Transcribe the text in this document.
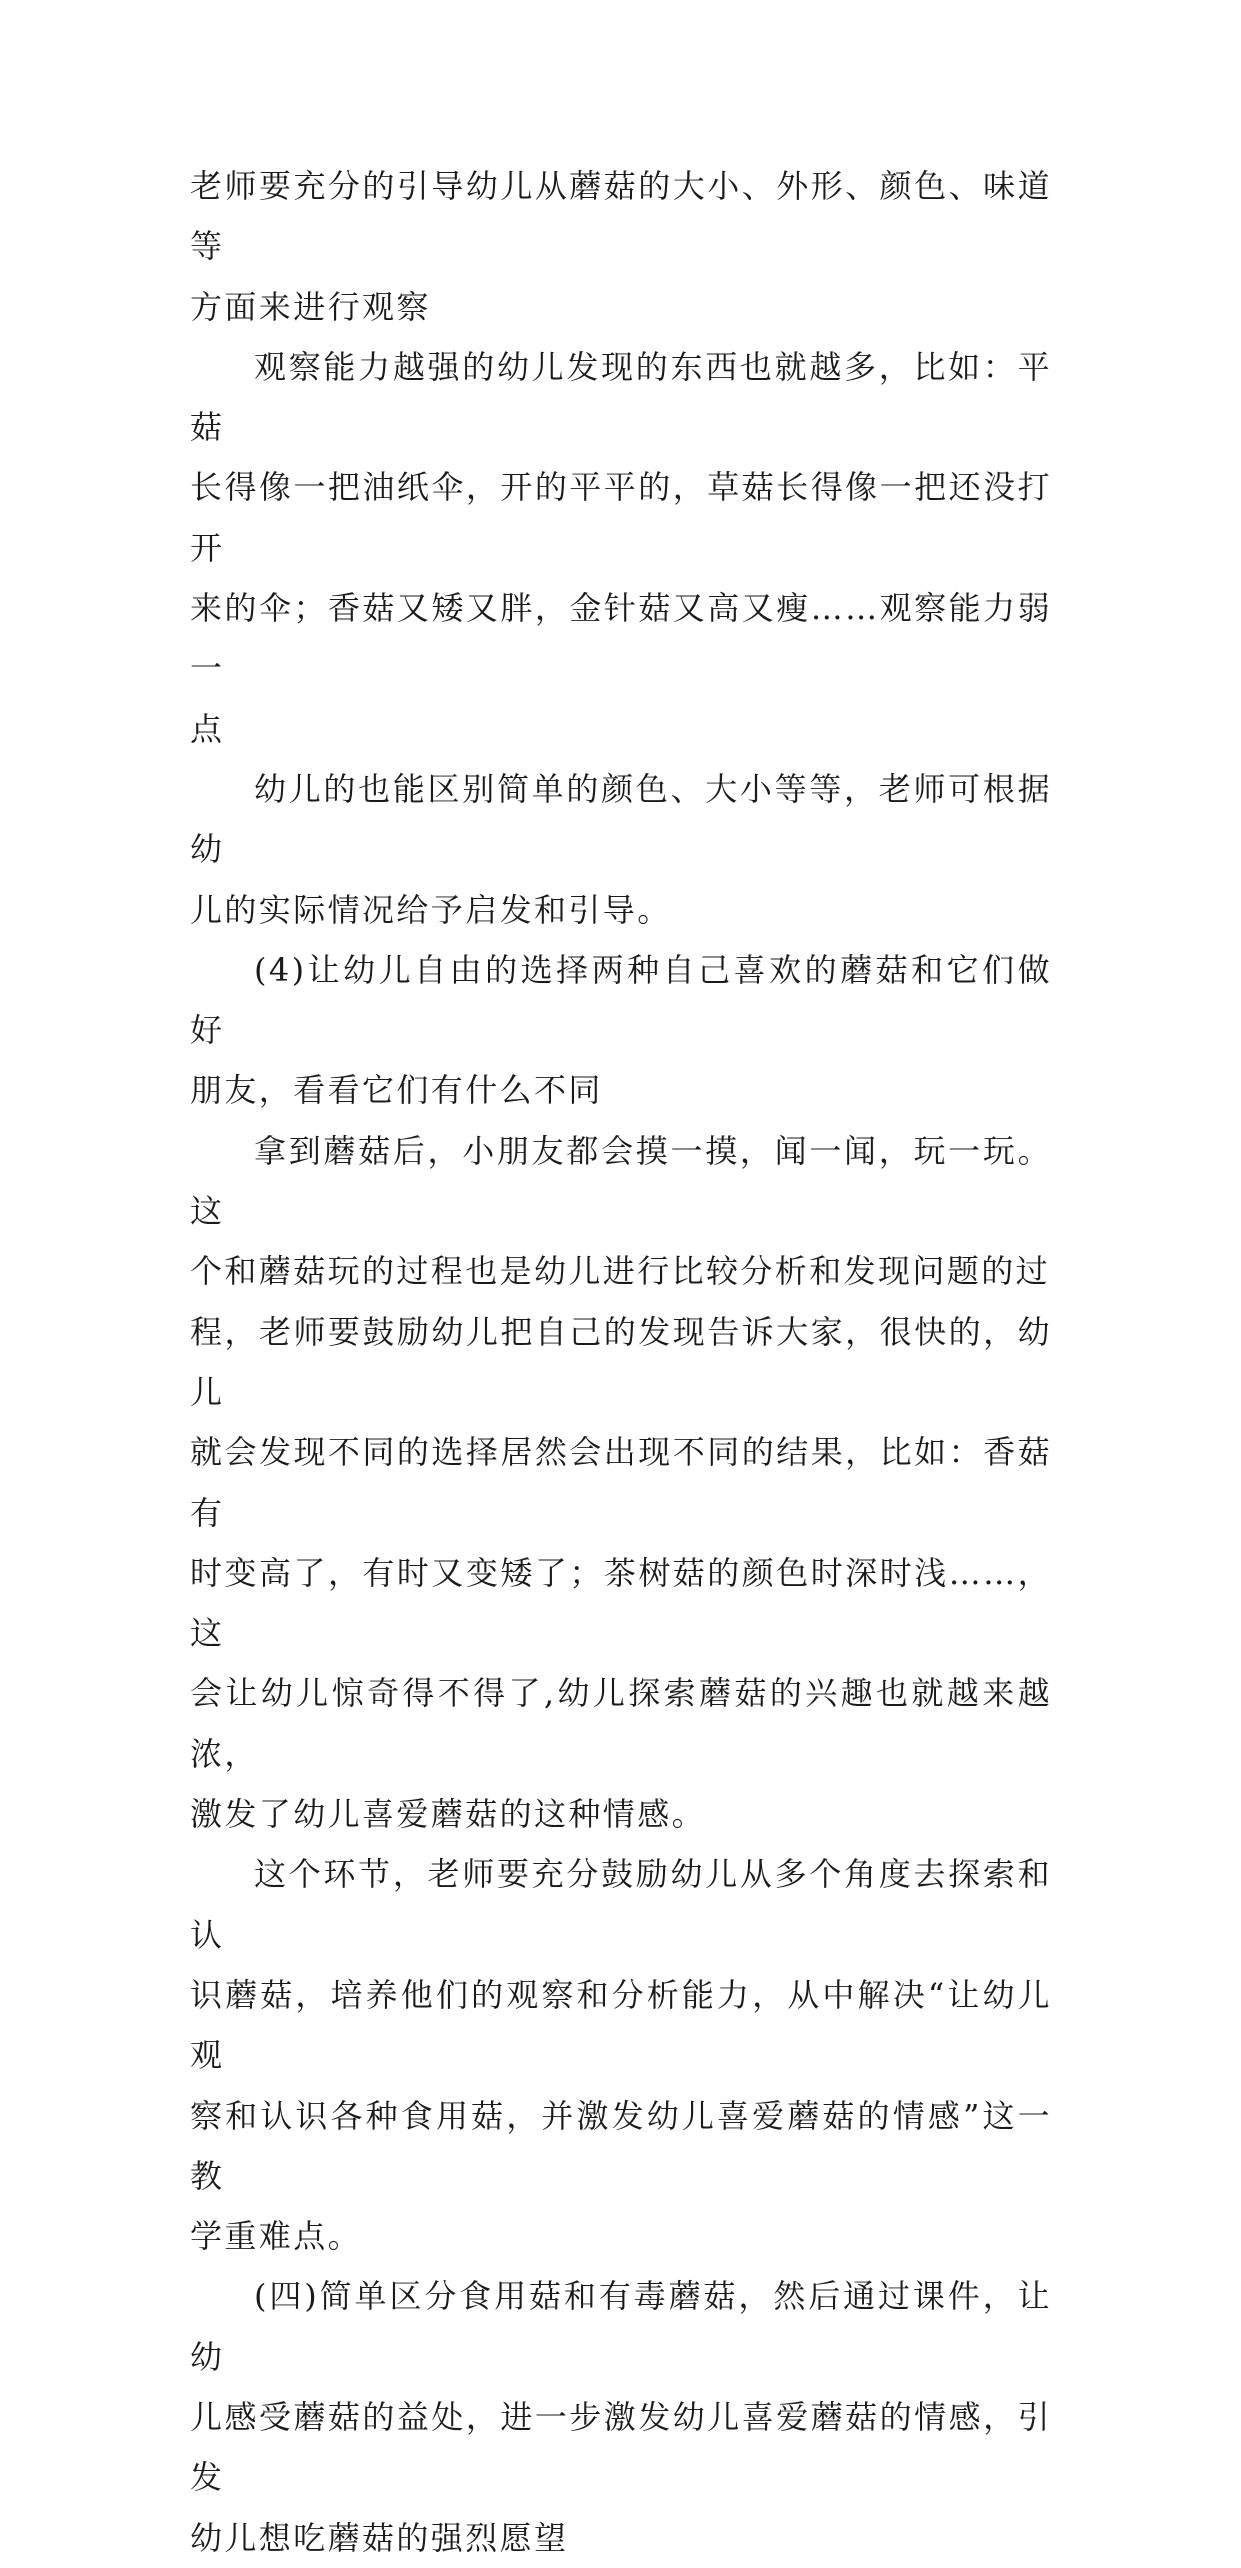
老师要充分的引导幼儿从蘑菇的大小、外形、颜色、味道等
方面来进行观察

观察能力越强的幼儿发现的东西也就越多，比如：平菇
长得像一把油纸伞，开的平平的，草菇长得像一把还没打开
来的伞；香菇又矮又胖，金针菇又高又瘦……观察能力弱一
点

幼儿的也能区别简单的颜色、大小等等，老师可根据幼
儿的实际情况给予启发和引导。

(4)让幼儿自由的选择两种自己喜欢的蘑菇和它们做好
朋友，看看它们有什么不同

拿到蘑菇后，小朋友都会摸一摸，闻一闻，玩一玩。这
个和蘑菇玩的过程也是幼儿进行比较分析和发现问题的过
程，老师要鼓励幼儿把自己的发现告诉大家，很快的，幼儿
就会发现不同的选择居然会出现不同的结果，比如：香菇有
时变高了，有时又变矮了；茶树菇的颜色时深时浅……，这
会让幼儿惊奇得不得了,幼儿探索蘑菇的兴趣也就越来越浓，
激发了幼儿喜爱蘑菇的这种情感。

这个环节，老师要充分鼓励幼儿从多个角度去探索和认
识蘑菇，培养他们的观察和分析能力，从中解决“让幼儿观
察和认识各种食用菇，并激发幼儿喜爱蘑菇的情感”这一教
学重难点。

(四)简单区分食用菇和有毒蘑菇，然后通过课件，让幼
儿感受蘑菇的益处，进一步激发幼儿喜爱蘑菇的情感，引发
幼儿想吃蘑菇的强烈愿望
